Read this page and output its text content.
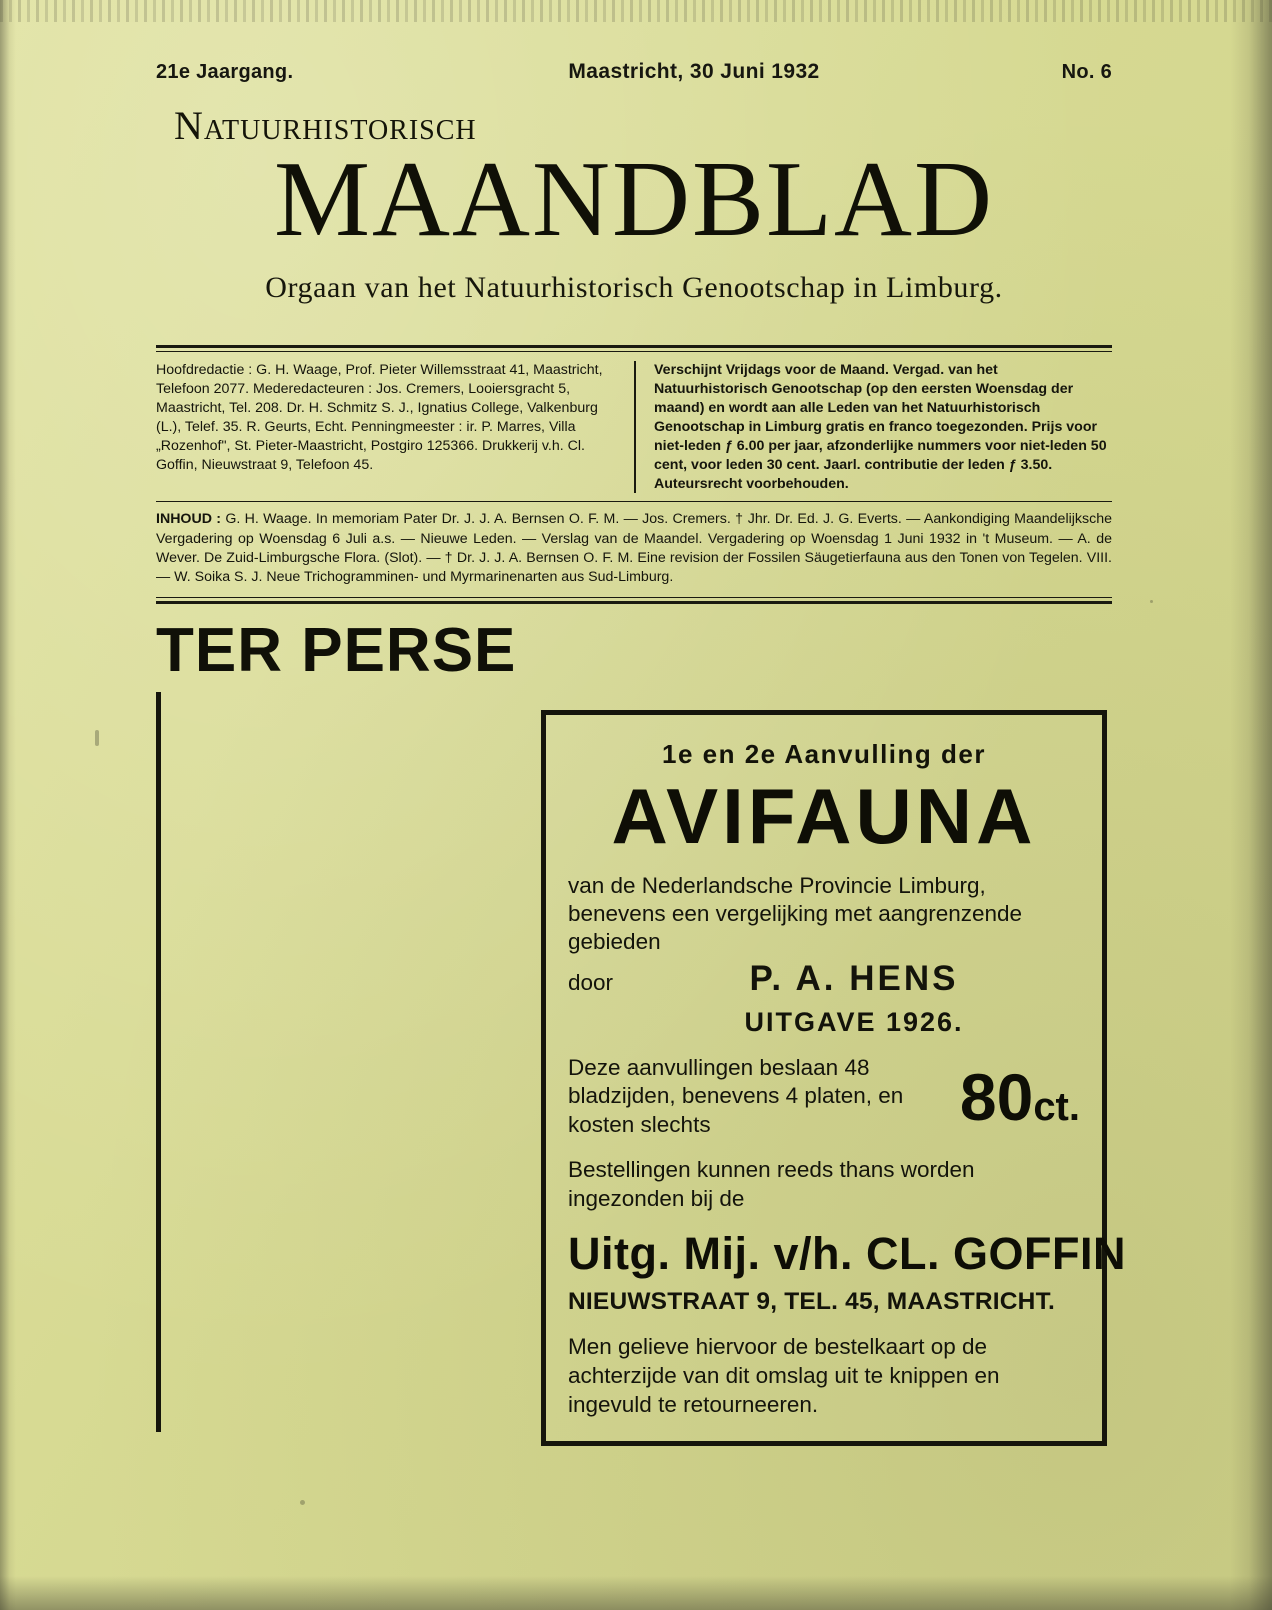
21e Jaargang.	Maastricht, 30 Juni 1932	No. 6
Natuurhistorisch
MAANDBLAD
Orgaan van het Natuurhistorisch Genootschap in Limburg.
Hoofdredactie : G. H. Waage, Prof. Pieter Willemsstraat 41, Maastricht, Telefoon 2077. Mederedacteuren : Jos. Cremers, Looiersgracht 5, Maastricht, Tel. 208. Dr. H. Schmitz S. J., Ignatius College, Valkenburg (L.), Telef. 35. R. Geurts, Echt. Penningmeester : ir. P. Marres, Villa „Rozenhof", St. Pieter-Maastricht, Postgiro 125366. Drukkerij v.h. Cl. Goffin, Nieuwstraat 9, Telefoon 45.
Verschijnt Vrijdags voor de Maand. Vergad. van het Natuurhistorisch Genootschap (op den eersten Woensdag der maand) en wordt aan alle Leden van het Natuurhistorisch Genootschap in Limburg gratis en franco toegezonden. Prijs voor niet-leden ƒ 6.00 per jaar, afzonderlijke nummers voor niet-leden 50 cent, voor leden 30 cent. Jaarl. contributie der leden ƒ 3.50. Auteursrecht voorbehouden.
INHOUD : G. H. Waage. In memoriam Pater Dr. J. J. A. Bernsen O. F. M. — Jos. Cremers. † Jhr. Dr. Ed. J. G. Everts. — Aankondiging Maandelijksche Vergadering op Woensdag 6 Juli a.s. — Nieuwe Leden. — Verslag van de Maandel. Vergadering op Woensdag 1 Juni 1932 in 't Museum. — A. de Wever. De Zuid-Limburgsche Flora. (Slot). — † Dr. J. J. A. Bernsen O. F. M. Eine revision der Fossilen Säugetierfauna aus den Tonen von Tegelen. VIII. — W. Soika S. J. Neue Trichogramminen- und Myrmarinenarten aus Sud-Limburg.
TER PERSE
1e en 2e Aanvulling der
AVIFAUNA
van de Nederlandsche Provincie Limburg, benevens een vergelijking met aangrenzende gebieden
door	P. A. HENS
UITGAVE 1926.
Deze aanvullingen beslaan 48 bladzijden, benevens 4 platen, en kosten slechts	80ct.
Bestellingen kunnen reeds thans worden ingezonden bij de
Uitg. Mij. v/h. CL. GOFFIN
NIEUWSTRAAT 9, TEL. 45, MAASTRICHT.
Men gelieve hiervoor de bestelkaart op de achterzijde van dit omslag uit te knippen en ingevuld te retourneeren.
